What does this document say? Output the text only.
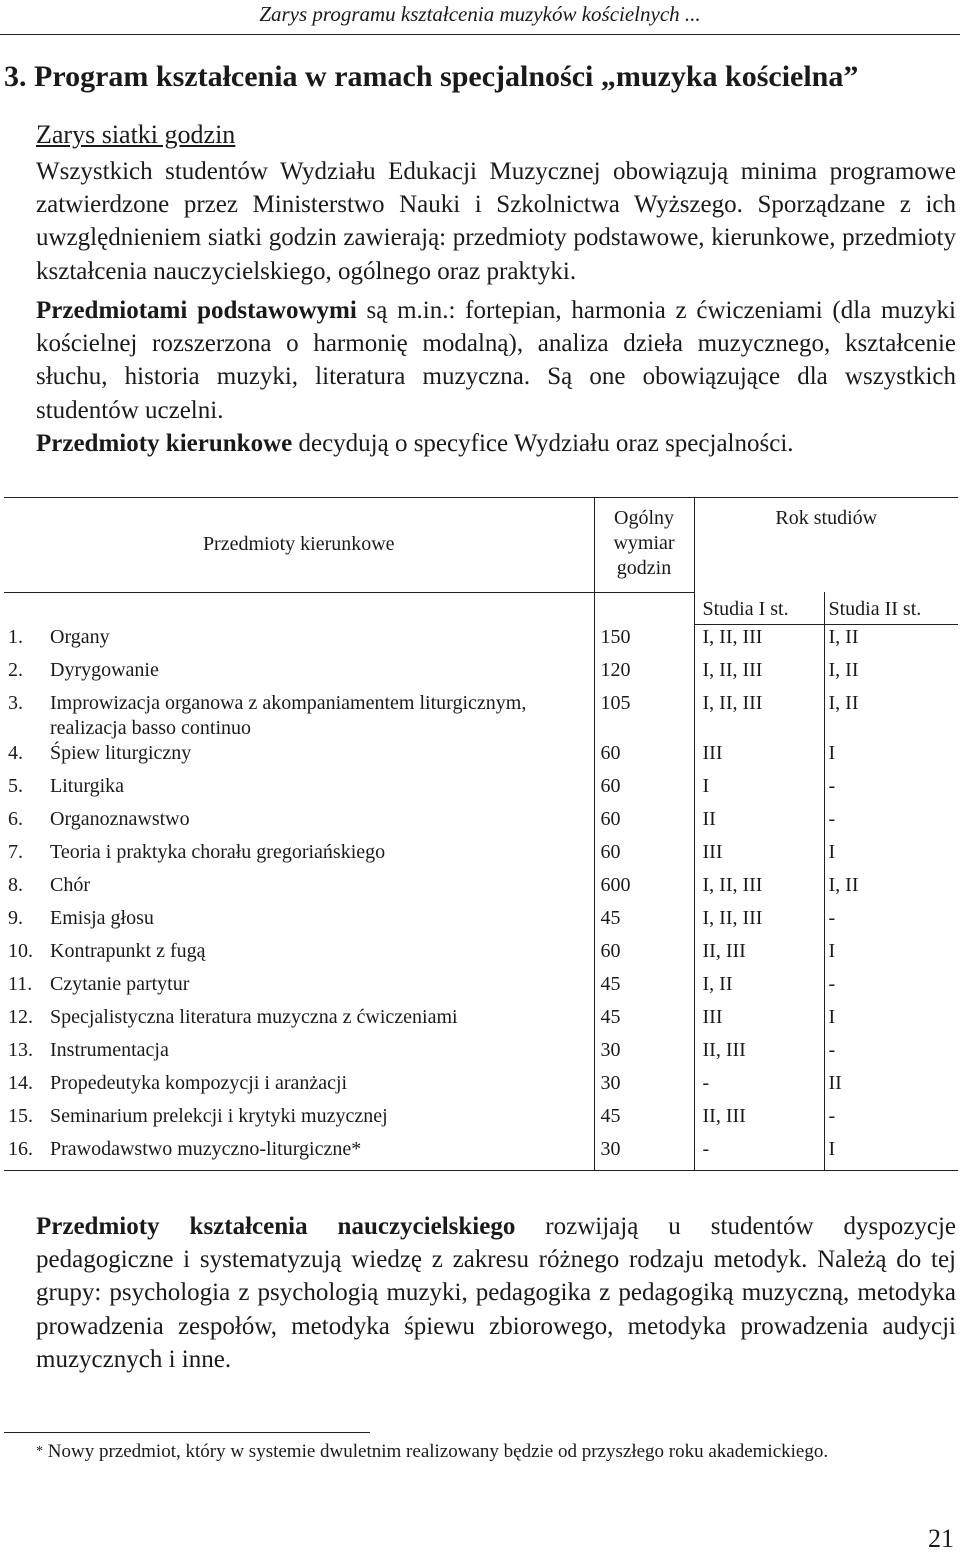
Zarys programu kształcenia muzyków kościelnych ...
3. Program kształcenia w ramach specjalności „muzyka kościelna”
Zarys siatki godzin
Wszystkich studentów Wydziału Edukacji Muzycznej obowiązują minima programowe zatwierdzone przez Ministerstwo Nauki i Szkolnictwa Wyższego. Sporządzane z ich uwzględnieniem siatki godzin zawierają: przedmioty podstawowe, kierunkowe, przedmioty kształcenia nauczycielskiego, ogólnego oraz praktyki.
Przedmiotami podstawowymi są m.in.: fortepian, harmonia z ćwiczeniami (dla muzyki kościelnej rozszerzona o harmonię modalną), analiza dzieła muzycznego, kształcenie słuchu, historia muzyki, literatura muzyczna. Są one obowiązujące dla wszystkich studentów uczelni.
Przedmioty kierunkowe decydują o specyfice Wydziału oraz specjalności.
Przedmioty kierunkowe		Ogólny wymiar godzin	Rok studiów	

			Studia I st.	Studia II st.
1.	Organy	150	I, II, III	I, II
2.	Dyrygowanie	120	I, II, III	I, II
3.	Improwizacja organowa z akompaniamentem liturgicznym, realizacja basso continuo	105	I, II, III	I, II
4.	Śpiew liturgiczny	60	III	I
5.	Liturgika	60	I	-
6.	Organoznawstwo	60	II	-
7.	Teoria i praktyka chorału gregoriańskiego	60	III	I
8.	Chór	600	I, II, III	I, II
9.	Emisja głosu	45	I, II, III	-
10.	Kontrapunkt z fugą	60	II, III	I
11.	Czytanie partytur	45	I, II	-
12.	Specjalistyczna literatura muzyczna z ćwiczeniami	45	III	I
13.	Instrumentacja	30	II, III	-
14.	Propedeutyka kompozycji i aranżacji	30	-	II
15.	Seminarium prelekcji i krytyki muzycznej	45	II, III	-
16.	Prawodawstwo muzyczno-liturgiczne*	30	-	I
Przedmioty kształcenia nauczycielskiego rozwijają u studentów dyspozycje pedagogiczne i systematyzują wiedzę z zakresu różnego rodzaju metodyk. Należą do tej grupy: psychologia z psychologią muzyki, pedagogika z pedagogiką muzyczną, metodyka prowadzenia zespołów, metodyka śpiewu zbiorowego, metodyka prowadzenia audycji muzycznych i inne.
* Nowy przedmiot, który w systemie dwuletnim realizowany będzie od przyszłego roku akademickiego.
21
